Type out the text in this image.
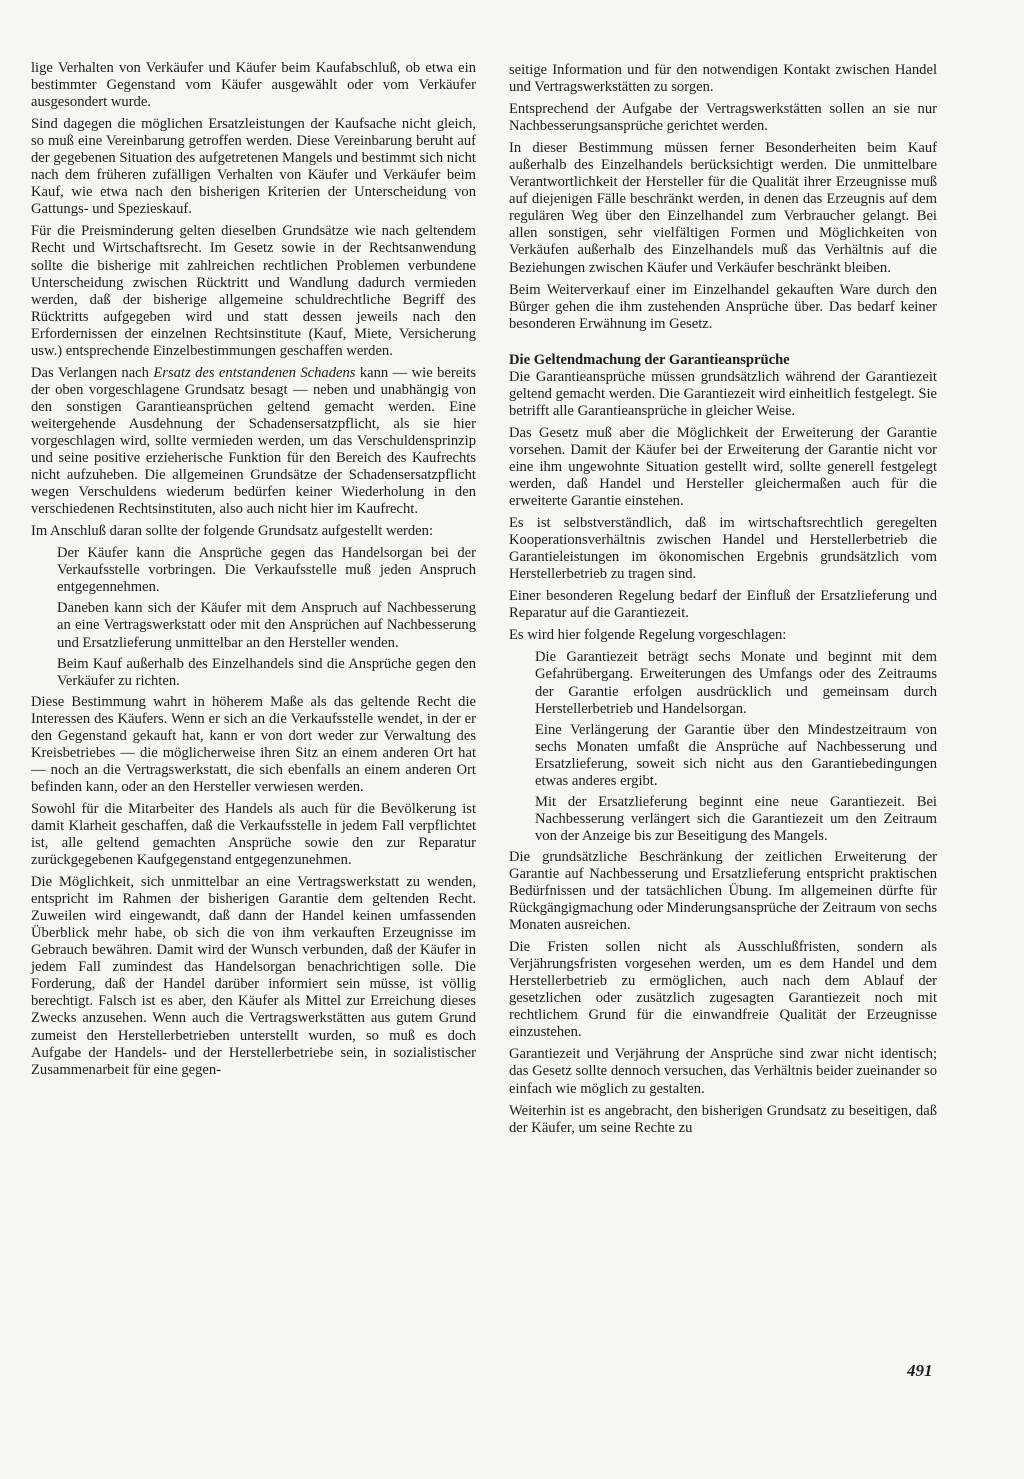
lige Verhalten von Verkäufer und Käufer beim Kaufabschluß, ob etwa ein bestimmter Gegenstand vom Käufer ausgewählt oder vom Verkäufer ausgesondert wurde.

Sind dagegen die möglichen Ersatzleistungen der Kaufsache nicht gleich, so muß eine Vereinbarung getroffen werden. Diese Vereinbarung beruht auf der gegebenen Situation des aufgetretenen Mangels und bestimmt sich nicht nach dem früheren zufälligen Verhalten von Käufer und Verkäufer beim Kauf, wie etwa nach den bisherigen Kriterien der Unterscheidung von Gattungs- und Spezieskauf.

Für die Preisminderung gelten dieselben Grundsätze wie nach geltendem Recht und Wirtschaftsrecht. Im Gesetz sowie in der Rechtsanwendung sollte die bisherige mit zahlreichen rechtlichen Problemen verbundene Unterscheidung zwischen Rücktritt und Wandlung dadurch vermieden werden, daß der bisherige allgemeine schuldrechtliche Begriff des Rücktritts aufgegeben wird und statt dessen jeweils nach den Erfordernissen der einzelnen Rechtsinstitute (Kauf, Miete, Versicherung usw.) entsprechende Einzelbestimmungen geschaffen werden.

Das Verlangen nach Ersatz des entstandenen Schadens kann — wie bereits der oben vorgeschlagene Grundsatz besagt — neben und unabhängig von den sonstigen Garantieansprüchen geltend gemacht werden. Eine weitergehende Ausdehnung der Schadensersatzpflicht, als sie hier vorgeschlagen wird, sollte vermieden werden, um das Verschuldensprinzip und seine positive erzieherische Funktion für den Bereich des Kaufrechts nicht aufzuheben. Die allgemeinen Grundsätze der Schadensersatzpflicht wegen Verschuldens wiederum bedürfen keiner Wiederholung in den verschiedenen Rechtsinstituten, also auch nicht hier im Kaufrecht.

Im Anschluß daran sollte der folgende Grundsatz aufgestellt werden:

Der Käufer kann die Ansprüche gegen das Handelsorgan bei der Verkaufsstelle vorbringen. Die Verkaufsstelle muß jeden Anspruch entgegennehmen.

Daneben kann sich der Käufer mit dem Anspruch auf Nachbesserung an eine Vertragswerkstatt oder mit den Ansprüchen auf Nachbesserung und Ersatzlieferung unmittelbar an den Hersteller wenden.

Beim Kauf außerhalb des Einzelhandels sind die Ansprüche gegen den Verkäufer zu richten.

Diese Bestimmung wahrt in höherem Maße als das geltende Recht die Interessen des Käufers. Wenn er sich an die Verkaufsstelle wendet, in der er den Gegenstand gekauft hat, kann er von dort weder zur Verwaltung des Kreisbetriebes — die möglicherweise ihren Sitz an einem anderen Ort hat — noch an die Vertragswerkstatt, die sich ebenfalls an einem anderen Ort befinden kann, oder an den Hersteller verwiesen werden.

Sowohl für die Mitarbeiter des Handels als auch für die Bevölkerung ist damit Klarheit geschaffen, daß die Verkaufsstelle in jedem Fall verpflichtet ist, alle geltend gemachten Ansprüche sowie den zur Reparatur zurückgegebenen Kaufgegenstand entgegenzunehmen.

Die Möglichkeit, sich unmittelbar an eine Vertragswerkstatt zu wenden, entspricht im Rahmen der bisherigen Garantie dem geltenden Recht. Zuweilen wird eingewandt, daß dann der Handel keinen umfassenden Überblick mehr habe, ob sich die von ihm verkauften Erzeugnisse im Gebrauch bewähren. Damit wird der Wunsch verbunden, daß der Käufer in jedem Fall zumindest das Handelsorgan benachrichtigen solle. Die Forderung, daß der Handel darüber informiert sein müsse, ist völlig berechtigt. Falsch ist es aber, den Käufer als Mittel zur Erreichung dieses Zwecks anzusehen. Wenn auch die Vertragswerkstätten aus gutem Grund zumeist den Herstellerbetrieben unterstellt wurden, so muß es doch Aufgabe der Handels- und der Herstellerbetriebe sein, in sozialistischer Zusammenarbeit für eine gegen-

seitige Information und für den notwendigen Kontakt zwischen Handel und Vertragswerkstätten zu sorgen.

Entsprechend der Aufgabe der Vertragswerkstätten sollen an sie nur Nachbesserungsansprüche gerichtet werden.

In dieser Bestimmung müssen ferner Besonderheiten beim Kauf außerhalb des Einzelhandels berücksichtigt werden. Die unmittelbare Verantwortlichkeit der Hersteller für die Qualität ihrer Erzeugnisse muß auf diejenigen Fälle beschränkt werden, in denen das Erzeugnis auf dem regulären Weg über den Einzelhandel zum Verbraucher gelangt. Bei allen sonstigen, sehr vielfältigen Formen und Möglichkeiten von Verkäufen außerhalb des Einzelhandels muß das Verhältnis auf die Beziehungen zwischen Käufer und Verkäufer beschränkt bleiben.

Beim Weiterverkauf einer im Einzelhandel gekauften Ware durch den Bürger gehen die ihm zustehenden Ansprüche über. Das bedarf keiner besonderen Erwähnung im Gesetz.

Die Geltendmachung der Garantieansprüche

Die Garantieansprüche müssen grundsätzlich während der Garantiezeit geltend gemacht werden. Die Garantiezeit wird einheitlich festgelegt. Sie betrifft alle Garantieansprüche in gleicher Weise.

Das Gesetz muß aber die Möglichkeit der Erweiterung der Garantie vorsehen. Damit der Käufer bei der Erweiterung der Garantie nicht vor eine ihm ungewohnte Situation gestellt wird, sollte generell festgelegt werden, daß Handel und Hersteller gleichermaßen auch für die erweiterte Garantie einstehen.

Es ist selbstverständlich, daß im wirtschaftsrechtlich geregelten Kooperationsverhältnis zwischen Handel und Herstellerbetrieb die Garantieleistungen im ökonomischen Ergebnis grundsätzlich vom Herstellerbetrieb zu tragen sind.

Einer besonderen Regelung bedarf der Einfluß der Ersatzlieferung und Reparatur auf die Garantiezeit.

Es wird hier folgende Regelung vorgeschlagen:

Die Garantiezeit beträgt sechs Monate und beginnt mit dem Gefahrübergang. Erweiterungen des Umfangs oder des Zeitraums der Garantie erfolgen ausdrücklich und gemeinsam durch Herstellerbetrieb und Handelsorgan.

Eine Verlängerung der Garantie über den Mindestzeitraum von sechs Monaten umfaßt die Ansprüche auf Nachbesserung und Ersatzlieferung, soweit sich nicht aus den Garantiebedingungen etwas anderes ergibt.

Mit der Ersatzlieferung beginnt eine neue Garantiezeit. Bei Nachbesserung verlängert sich die Garantiezeit um den Zeitraum von der Anzeige bis zur Beseitigung des Mangels.

Die grundsätzliche Beschränkung der zeitlichen Erweiterung der Garantie auf Nachbesserung und Ersatzlieferung entspricht praktischen Bedürfnissen und der tatsächlichen Übung. Im allgemeinen dürfte für Rückgängigmachung oder Minderungsansprüche der Zeitraum von sechs Monaten ausreichen.

Die Fristen sollen nicht als Ausschlußfristen, sondern als Verjährungsfristen vorgesehen werden, um es dem Handel und dem Herstellerbetrieb zu ermöglichen, auch nach dem Ablauf der gesetzlichen oder zusätzlich zugesagten Garantiezeit noch mit rechtlichem Grund für die einwandfreie Qualität der Erzeugnisse einzustehen.

Garantiezeit und Verjährung der Ansprüche sind zwar nicht identisch; das Gesetz sollte dennoch versuchen, das Verhältnis beider zueinander so einfach wie möglich zu gestalten.

Weiterhin ist es angebracht, den bisherigen Grundsatz zu beseitigen, daß der Käufer, um seine Rechte zu

491
